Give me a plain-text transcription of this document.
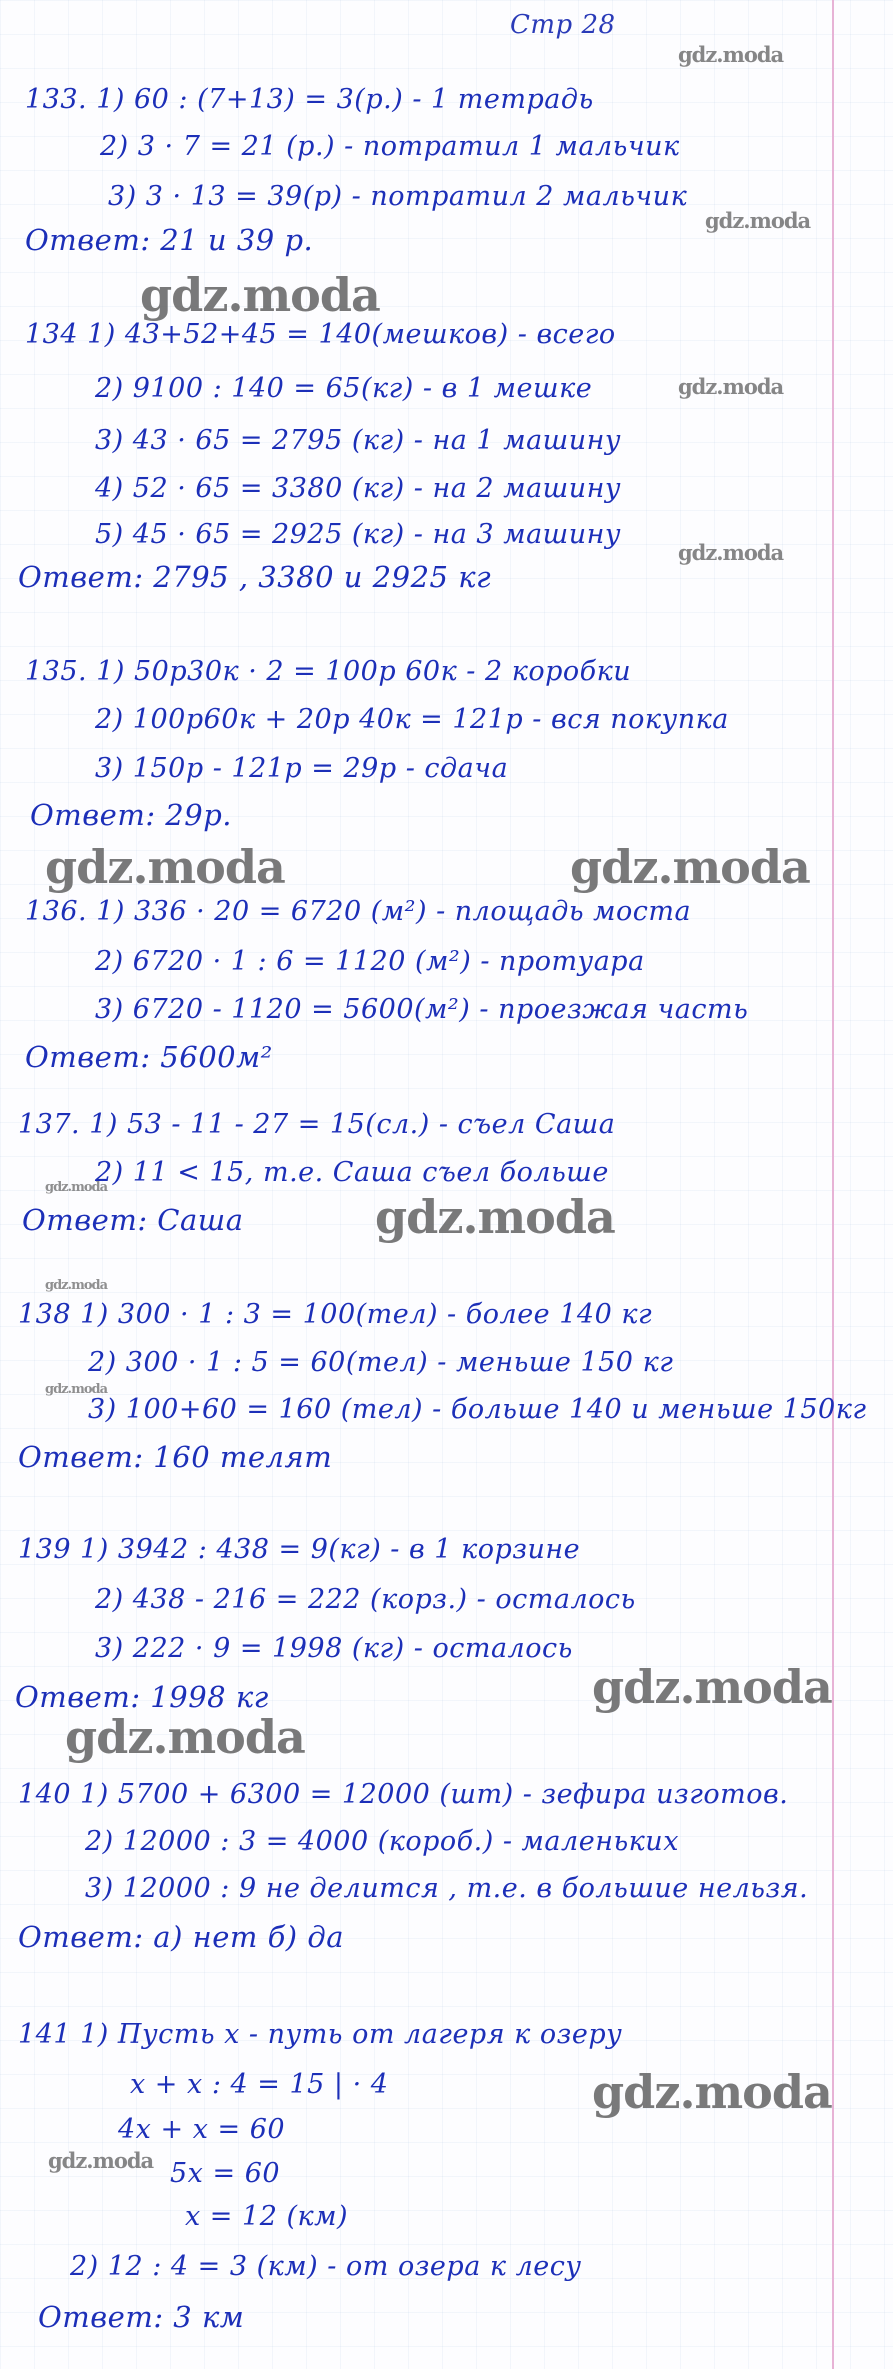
Стр 28
133. 1) 60 : (7+13) = 3(р.) - 1 тетрадь
2) 3 · 7 = 21 (р.) - потратил 1 мальчик
3) 3 · 13 = 39(р) - потратил 2 мальчик
Ответ: 21 и 39 р.
134 1) 43+52+45 = 140(мешков) - всего
2) 9100 : 140 = 65(кг) - в 1 мешке
3) 43 · 65 = 2795 (кг) - на 1 машину
4) 52 · 65 = 3380 (кг) - на 2 машину
5) 45 · 65 = 2925 (кг) - на 3 машину
Ответ: 2795 , 3380 и 2925 кг
135. 1) 50р30к · 2 = 100р 60к - 2 коробки
2) 100р60к + 20р 40к = 121р - вся покупка
3) 150р - 121р = 29р - сдача
Ответ: 29р.
136. 1) 336 · 20 = 6720 (м²) - площадь моста
2) 6720 · 1 : 6 = 1120 (м²) - протуара
3) 6720 - 1120 = 5600(м²) - проезжая часть
Ответ: 5600м²
137. 1) 53 - 11 - 27 = 15(сл.) - съел Саша
2) 11 < 15, т.е. Саша съел больше
Ответ: Саша
138 1) 300 · 1 : 3 = 100(тел) - более 140 кг
2) 300 · 1 : 5 = 60(тел) - меньше 150 кг
3) 100+60 = 160 (тел) - больше 140 и меньше 150кг
Ответ: 160 телят
139 1) 3942 : 438 = 9(кг) - в 1 корзине
2) 438 - 216 = 222 (корз.) - осталось
3) 222 · 9 = 1998 (кг) - осталось
Ответ: 1998 кг
140 1) 5700 + 6300 = 12000 (шт) - зефира изготов.
2) 12000 : 3 = 4000 (короб.) - маленьких
3) 12000 : 9 не делится , т.е. в большие нельзя.
Ответ: а) нет б) да
141 1) Пусть x - путь от лагеря к озеру
x + x : 4 = 15 | · 4
4x + x = 60
5x = 60
x = 12 (км)
2) 12 : 4 = 3 (км) - от озера к лесу
Ответ: 3 км
gdz.moda
gdz.moda
gdz.moda
gdz.moda
gdz.moda
gdz.moda	gdz.moda
gdz.moda
gdz.moda
gdz.moda
gdz.moda
gdz.moda
gdz.moda
gdz.moda
gdz.moda
